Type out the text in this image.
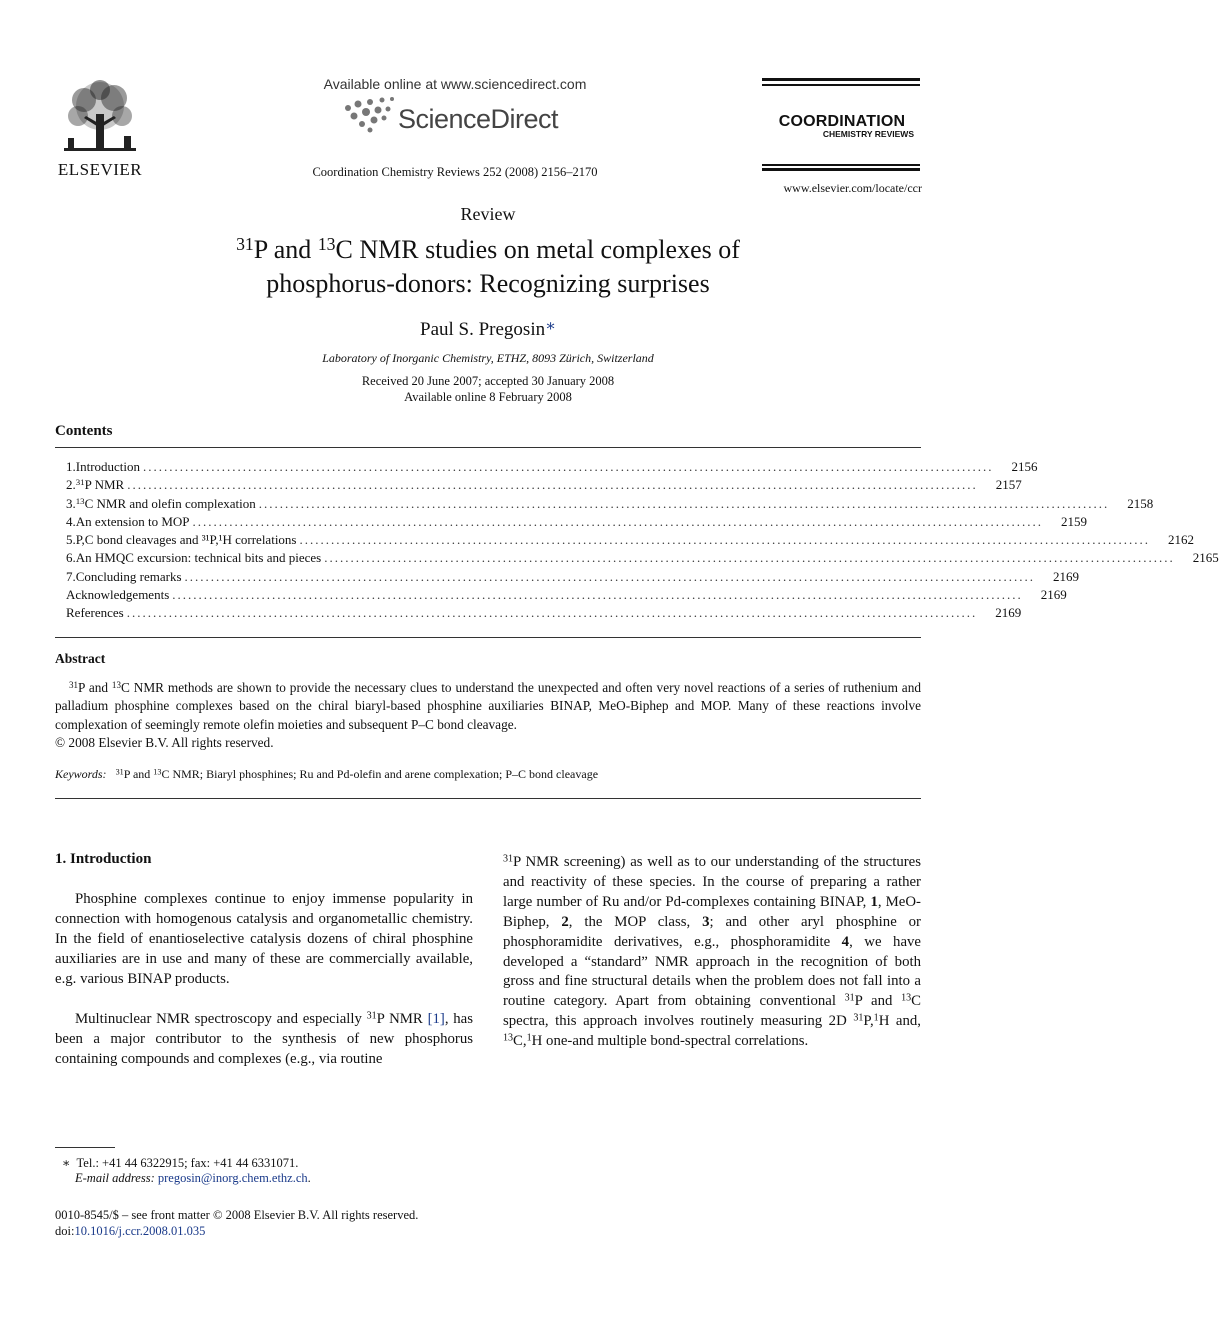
ELSEVIER
Available online at www.sciencedirect.com
ScienceDirect
Coordination Chemistry Reviews 252 (2008) 2156–2170
COORDINATION
CHEMISTRY REVIEWS
www.elsevier.com/locate/ccr
Review
$^{31}$P and $^{13}$C NMR studies on metal complexes of
phosphorus-donors: Recognizing surprises
Paul S. Pregosin∗
Laboratory of Inorganic Chemistry, ETHZ, 8093 Zürich, Switzerland
Received 20 June 2007; accepted 30 January 2008
Available online 8 February 2008
Contents
1. Introduction .................................................................................................................................................................. 2156
2. $^{31}$P NMR .................................................................................................................................................................. 2157
3. $^{13}$C NMR and olefin complexation .................................................................................................................................................................. 2158
4. An extension to MOP .................................................................................................................................................................. 2159
5. P,C bond cleavages and ³¹P,¹H correlations .................................................................................................................................................................. 2162
6. An HMQC excursion: technical bits and pieces .................................................................................................................................................................. 2165
7. Concluding remarks .................................................................................................................................................................. 2169
Acknowledgements .................................................................................................................................................................. 2169
References .................................................................................................................................................................. 2169
Abstract
$^{31}$P and $^{13}$C NMR methods are shown to provide the necessary clues to understand the unexpected and often very novel reactions of a series of ruthenium and palladium phosphine complexes based on the chiral biaryl-based phosphine auxiliaries BINAP, MeO-Biphep and MOP. Many of these reactions involve complexation of seemingly remote olefin moieties and subsequent P–C bond cleavage.
© 2008 Elsevier B.V. All rights reserved.
Keywords: $^{31}$P and $^{13}$C NMR; Biaryl phosphines; Ru and Pd-olefin and arene complexation; P–C bond cleavage
1. Introduction
Phosphine complexes continue to enjoy immense popularity in connection with homogenous catalysis and organometallic chemistry. In the field of enantioselective catalysis dozens of chiral phosphine auxiliaries are in use and many of these are commercially available, e.g. various BINAP products.
Multinuclear NMR spectroscopy and especially $^{31}$P NMR [1], has been a major contributor to the synthesis of new phosphorus containing compounds and complexes (e.g., via routine
$^{31}$P NMR screening) as well as to our understanding of the structures and reactivity of these species. In the course of preparing a rather large number of Ru and/or Pd-complexes containing BINAP, 1, MeO-Biphep, 2, the MOP class, 3; and other aryl phosphine or phosphoramidite derivatives, e.g., phosphoramidite 4, we have developed a “standard” NMR approach in the recognition of both gross and fine structural details when the problem does not fall into a routine category. Apart from obtaining conventional $^{31}$P and $^{13}$C spectra, this approach involves routinely measuring 2D $^{31}$P,$^1$H and, $^{13}$C,$^1$H one-and multiple bond-spectral correlations.
∗ Tel.: +41 44 6322915; fax: +41 44 6331071.
E-mail address: pregosin@inorg.chem.ethz.ch.
0010-8545/$ – see front matter © 2008 Elsevier B.V. All rights reserved.
doi:10.1016/j.ccr.2008.01.035
